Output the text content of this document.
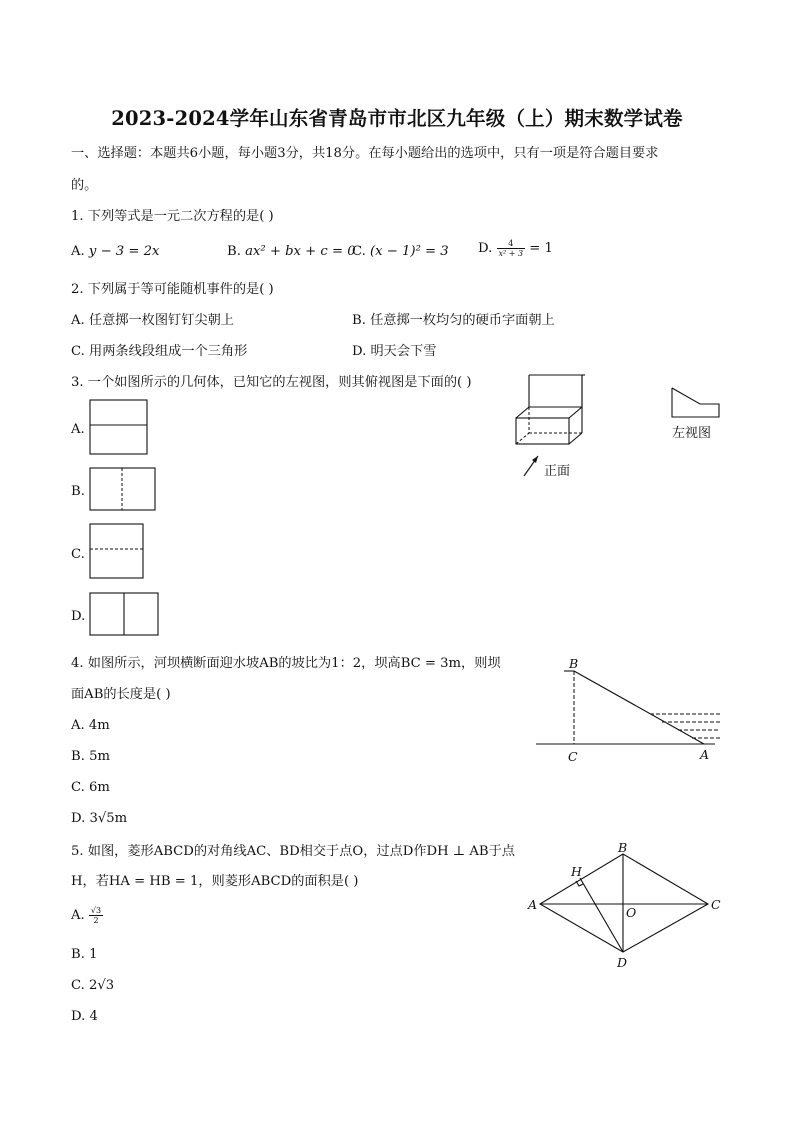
2023-2024学年山东省青岛市市北区九年级（上）期末数学试卷
一、选择题：本题共6小题，每小题3分，共18分。在每小题给出的选项中，只有一项是符合题目要求
的。
1. 下列等式是一元二次方程的是( )
A. y − 3 = 2x	B. ax² + bx + c = 0
C. (x − 1)² = 3 D. $\frac{4}{\text{x² + 3}} = 1$
2. 下列属于等可能随机事件的是( )
A. 任意掷一枚图钉钉尖朝上	B. 任意掷一枚均匀的硬币字面朝上
C. 用两条线段组成一个三角形	D. 明天会下雪
3. 一个如图所示的几何体，已知它的左视图，则其俯视图是下面的( )
正面
左视图
A.
B.
C.
D.
4. 如图所示，河坝横断面迎水坡AB的坡比为1：2，坝高BC = 3m，则坝
面AB的长度是( )
A. 4m
B. 5m
C. 6m
D. 3√5m
B
C	A
5. 如图，菱形ABCD的对角线AC、BD相交于点O，过点D作DH ⊥ AB于点
H，若HA = HB = 1，则菱形ABCD的面积是( )
A. $\frac{√3}{2}$
B. 1
C. 2√3
D. 4
A
B
C
D
H
O
